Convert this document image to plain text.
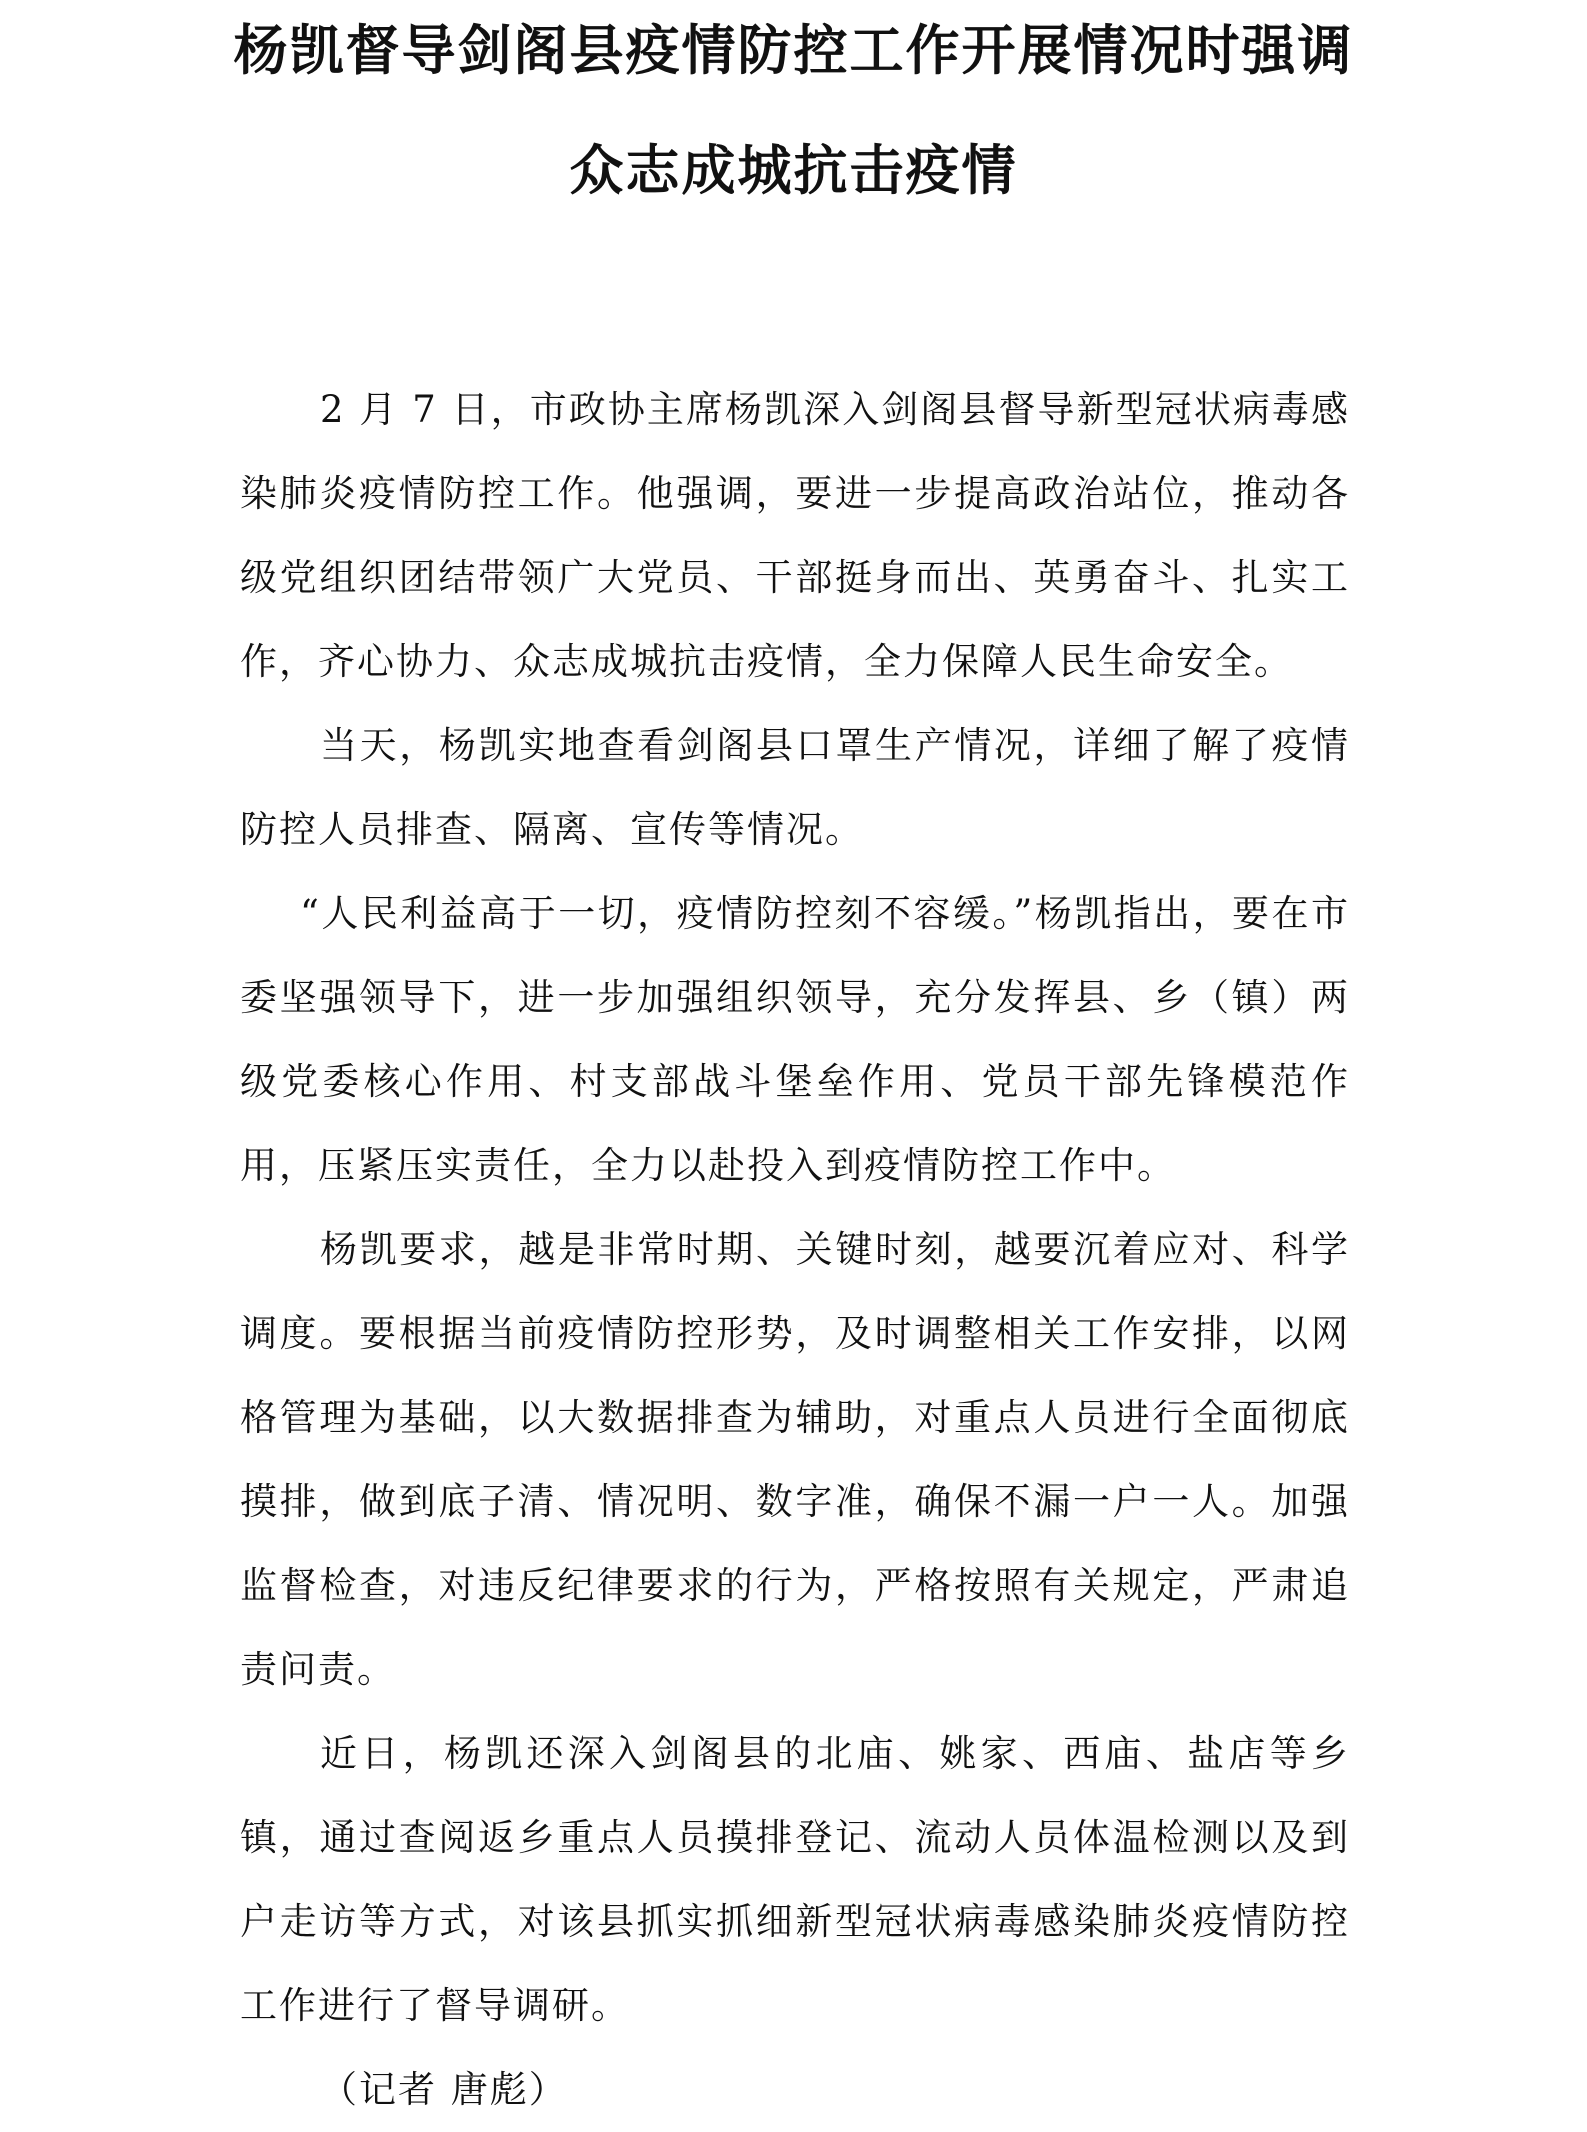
杨凯督导剑阁县疫情防控工作开展情况时强调
众志成城抗击疫情

2 月 7 日，市政协主席杨凯深入剑阁县督导新型冠状病毒感染肺炎疫情防控工作。他强调，要进一步提高政治站位，推动各级党组织团结带领广大党员、干部挺身而出、英勇奋斗、扎实工作，齐心协力、众志成城抗击疫情，全力保障人民生命安全。

当天，杨凯实地查看剑阁县口罩生产情况，详细了解了疫情防控人员排查、隔离、宣传等情况。

“人民利益高于一切，疫情防控刻不容缓。”杨凯指出，要在市委坚强领导下，进一步加强组织领导，充分发挥县、乡（镇）两级党委核心作用、村支部战斗堡垒作用、党员干部先锋模范作用，压紧压实责任，全力以赴投入到疫情防控工作中。

杨凯要求，越是非常时期、关键时刻，越要沉着应对、科学调度。要根据当前疫情防控形势，及时调整相关工作安排，以网格管理为基础，以大数据排查为辅助，对重点人员进行全面彻底摸排，做到底子清、情况明、数字准，确保不漏一户一人。加强监督检查，对违反纪律要求的行为，严格按照有关规定，严肃追责问责。

近日，杨凯还深入剑阁县的北庙、姚家、西庙、盐店等乡镇，通过查阅返乡重点人员摸排登记、流动人员体温检测以及到户走访等方式，对该县抓实抓细新型冠状病毒感染肺炎疫情防控工作进行了督导调研。

（记者 唐彪）
